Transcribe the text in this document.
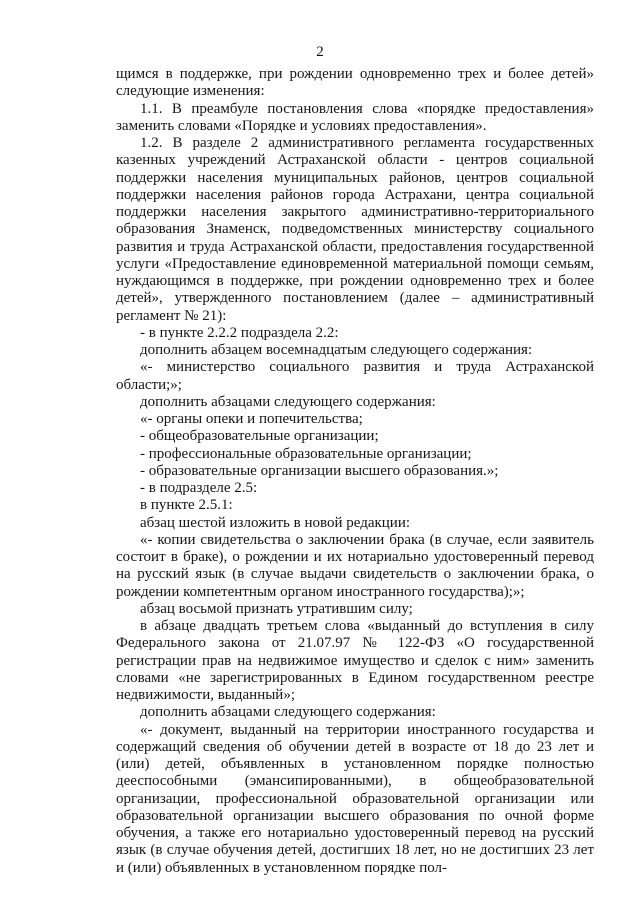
2

щимся в поддержке, при рождении одновременно трех и более детей» следующие изменения:

1.1. В преамбуле постановления слова «порядке предоставления» заменить словами «Порядке и условиях предоставления».

1.2. В разделе 2 административного регламента государственных казенных учреждений Астраханской области - центров социальной поддержки населения муниципальных районов, центров социальной поддержки населения районов города Астрахани, центра социальной поддержки населения закрытого административно-территориального образования Знаменск, подведомственных министерству социального развития и труда Астраханской области, предоставления государственной услуги «Предоставление единовременной материальной помощи семьям, нуждающимся в поддержке, при рождении одновременно трех и более детей», утвержденного постановлением (далее – административный регламент № 21):

- в пункте 2.2.2 подраздела 2.2:

дополнить абзацем восемнадцатым следующего содержания:

«- министерство социального развития и труда Астраханской области;»;

дополнить абзацами следующего содержания:

«- органы опеки и попечительства;

- общеобразовательные организации;

- профессиональные образовательные организации;

- образовательные организации высшего образования.»;

- в подразделе 2.5:

в пункте 2.5.1:

абзац шестой изложить в новой редакции:

«- копии свидетельства о заключении брака (в случае, если заявитель состоит в браке), о рождении и их нотариально удостоверенный перевод на русский язык (в случае выдачи свидетельств о заключении брака, о рождении компетентным органом иностранного государства);»;

абзац восьмой признать утратившим силу;

в абзаце двадцать третьем слова «выданный до вступления в силу Федерального закона от 21.07.97 № 122-ФЗ «О государственной регистрации прав на недвижимое имущество и сделок с ним» заменить словами «не зарегистрированных в Едином государственном реестре недвижимости, выданный»;

дополнить абзацами следующего содержания:

«- документ, выданный на территории иностранного государства и содержащий сведения об обучении детей в возрасте от 18 до 23 лет и (или) детей, объявленных в установленном порядке полностью дееспособными (эмансипированными), в общеобразовательной организации, профессиональной образовательной организации или образовательной организации высшего образования по очной форме обучения, а также его нотариально удостоверенный перевод на русский язык (в случае обучения детей, достигших 18 лет, но не достигших 23 лет и (или) объявленных в установленном порядке пол-
